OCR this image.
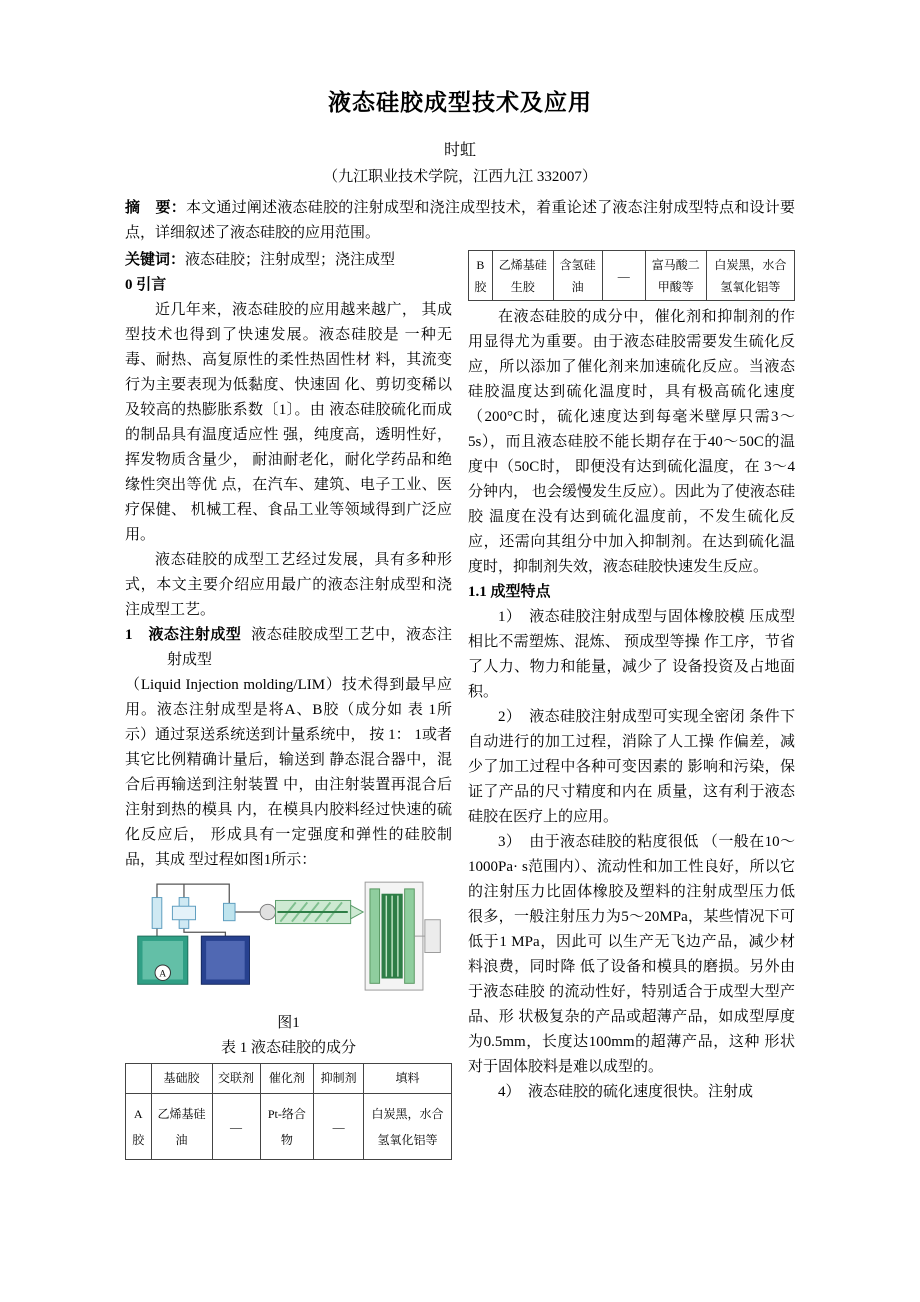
液态硅胶成型技术及应用

时虹

（九江职业技术学院，江西九江 332007）

摘　要：本文通过阐述液态硅胶的注射成型和浇注成型技术，着重论述了液态注射成型特点和设计要点，详细叙述了液态硅胶的应用范围。

关键词：液态硅胶；注射成型；浇注成型

0 引言

近几年来，液态硅胶的应用越来越广， 其成型技术也得到了快速发展。液态硅胶是 一种无毒、耐热、高复原性的柔性热固性材 料，其流变行为主要表现为低黏度、快速固 化、剪切变稀以及较高的热膨胀系数〔1〕。由 液态硅胶硫化而成的制品具有温度适应性 强，纯度高，透明性好，挥发物质含量少， 耐油耐老化，耐化学药品和绝缘性突出等优 点，在汽车、建筑、电子工业、医疗保健、 机械工程、食品工业等领域得到广泛应用。

液态硅胶的成型工艺经过发展，具有多种形式，本文主要介绍应用最广的液态注射成型和浇注成型工艺。

1　液态注射成型 液态硅胶成型工艺中，液态注射成型

（Liquid Injection molding/LIM）技术得到最早应用。液态注射成型是将A、B胶（成分如 表 1所示）通过泵送系统送到计量系统中， 按 1： 1或者其它比例精确计量后，输送到 静态混合器中，混合后再输送到注射装置 中，由注射装置再混合后注射到热的模具 内，在模具内胶料经过快速的硫化反应后， 形成具有一定强度和弹性的硅胶制品，其成 型过程如图1所示：

A

图1

表 1 液态硅胶的成分

	基础胶	交联剂	催化剂	抑制剂	填料
A胶	乙烯基硅油	—	Pt-络合物	—	白炭黑，水合氢氧化铝等
B胶	乙烯基硅生胶	含氢硅油	—	富马酸二甲酸等	白炭黑，水合氢氧化铝等

在液态硅胶的成分中，催化剂和抑制剂的作用显得尤为重要。由于液态硅胶需要发生硫化反应，所以添加了催化剂来加速硫化反应。当液态硅胶温度达到硫化温度时，具有极高硫化速度（200°C时，硫化速度达到每毫米壁厚只需3〜5s），而且液态硅胶不能长期存在于40〜50C的温度中（50C时， 即便没有达到硫化温度，在 3〜4分钟内， 也会缓慢发生反应）。因此为了使液态硅胶 温度在没有达到硫化温度前，不发生硫化反 应，还需向其组分中加入抑制剂。在达到硫化温度时，抑制剂失效，液态硅胶快速发生反应。

1.1 成型特点

1）　液态硅胶注射成型与固体橡胶模 压成型相比不需塑炼、混炼、 预成型等操 作工序，节省了人力、物力和能量，减少了 设备投资及占地面积。

2）　液态硅胶注射成型可实现全密闭 条件下自动进行的加工过程，消除了人工操 作偏差，减少了加工过程中各种可变因素的 影响和污染，保证了产品的尺寸精度和内在 质量，这有利于液态硅胶在医疗上的应用。

3）　由于液态硅胶的粘度很低 （一般在10〜1000Pa· s范围内）、流动性和加工性良好，所以它的注射压力比固体橡胶及塑料的注射成型压力低很多，一般注射压力为5〜20MPa，某些情况下可低于1 MPa，因此可 以生产无飞边产品，减少材料浪费，同时降 低了设备和模具的磨损。另外由于液态硅胶 的流动性好，特别适合于成型大型产品、形 状极复杂的产品或超薄产品，如成型厚度为0.5mm，长度达100mm的超薄产品，这种 形状对于固体胶料是难以成型的。

4）　液态硅胶的硫化速度很快。注射成
